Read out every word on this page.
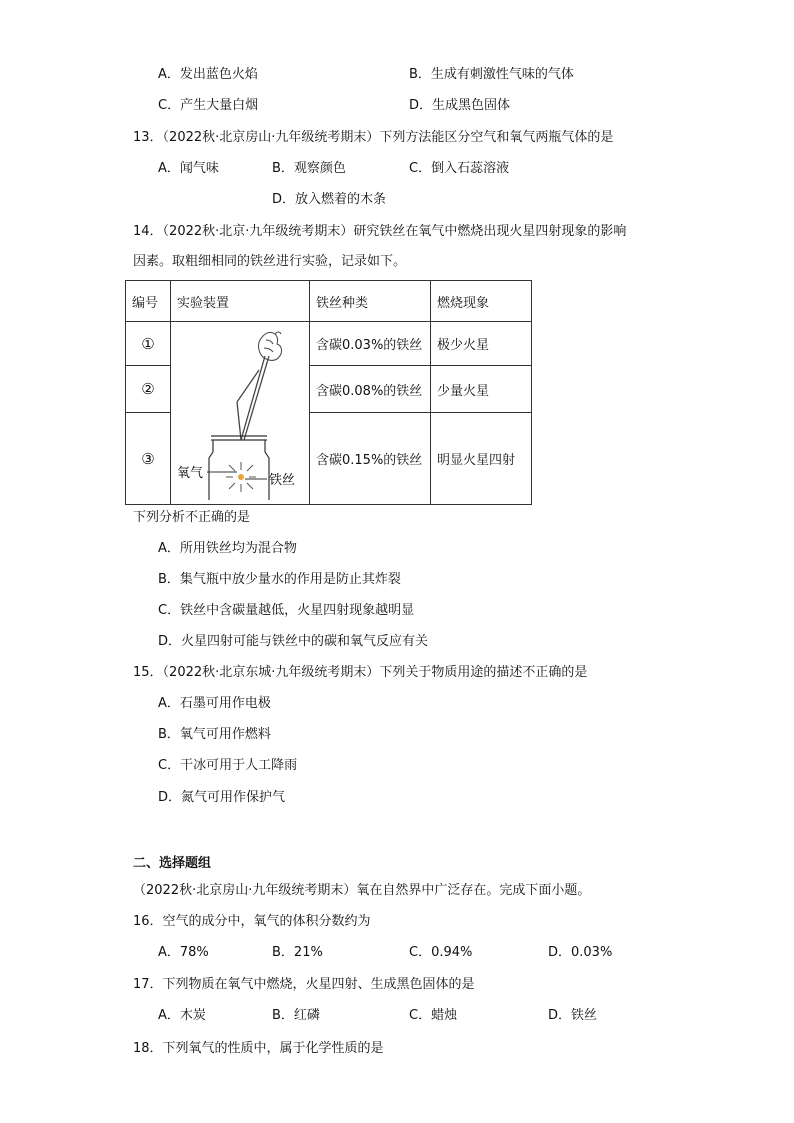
A．发出蓝色火焰	B．生成有刺激性气味的气体
C．产生大量白烟	D．生成黑色固体
13．（2022秋·北京房山·九年级统考期末）下列方法能区分空气和氧气两瓶气体的是
A．闻气味	B．观察颜色	C．倒入石蕊溶液
D．放入燃着的木条
14．（2022秋·北京·九年级统考期末）研究铁丝在氧气中燃烧出现火星四射现象的影响
因素。取粗细相同的铁丝进行实验，记录如下。
编号	实验装置	铁丝种类	燃烧现象
①	氧气 铁丝	含碳0.03%的铁丝	极少火星
②		含碳0.08%的铁丝	少量火星
③		含碳0.15%的铁丝	明显火星四射
下列分析不正确的是
A．所用铁丝均为混合物
B．集气瓶中放少量水的作用是防止其炸裂
C．铁丝中含碳量越低，火星四射现象越明显
D．火星四射可能与铁丝中的碳和氧气反应有关
15．（2022秋·北京东城·九年级统考期末）下列关于物质用途的描述不正确的是
A．石墨可用作电极
B．氧气可用作燃料
C．干冰可用于人工降雨
D．氮气可用作保护气
二、选择题组
（2022秋·北京房山·九年级统考期末）氧在自然界中广泛存在。完成下面小题。
16．空气的成分中，氧气的体积分数约为
A．78%	B．21%	C．0.94%	D．0.03%
17．下列物质在氧气中燃烧，火星四射、生成黑色固体的是
A．木炭	B．红磷	C．蜡烛	D．铁丝
18．下列氧气的性质中，属于化学性质的是
